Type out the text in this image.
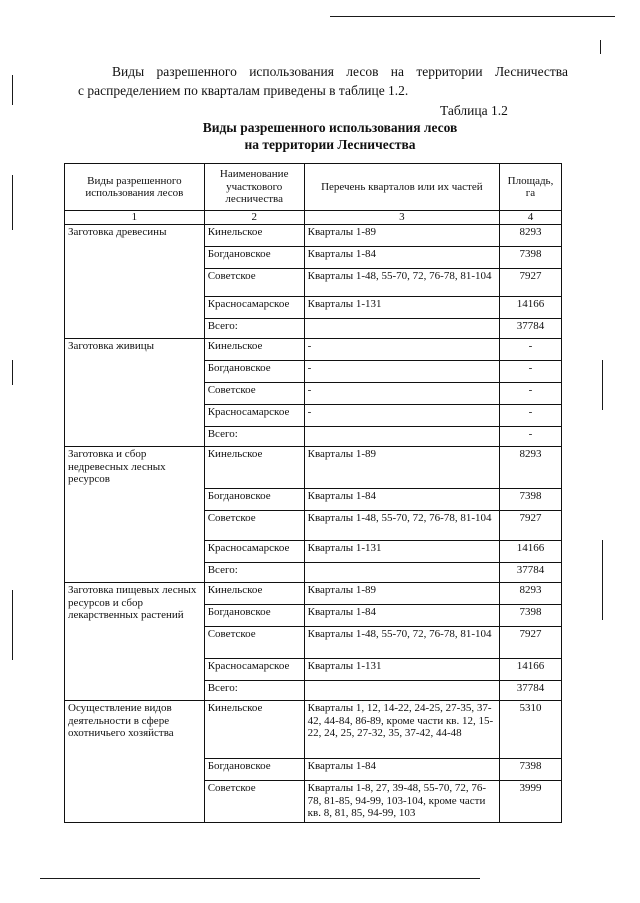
Виды разрешенного использования лесов на территории Лесничества
с распределением по кварталам приведены в таблице 1.2.

Таблица 1.2
Виды разрешенного использования лесов
на территории Лесничества
Виды разрешенного использования лесов	Наименование участкового лесничества	Перечень кварталов или их частей	Площадь, га
1	2	3	4
Заготовка древесины	Кинельское	Кварталы 1-89	8293
	Богдановское	Кварталы 1-84	7398
	Советское	Кварталы 1-48, 55-70, 72, 76-78, 81-104	7927
	Красносамарское	Кварталы 1-131	14166
	Всего:		37784
Заготовка живицы	Кинельское	-	-
	Богдановское	-	-
	Советское	-	-
	Красносамарское	-	-
	Всего:		-
Заготовка и сбор недревесных лесных ресурсов	Кинельское	Кварталы 1-89	8293
	Богдановское	Кварталы 1-84	7398
	Советское	Кварталы 1-48, 55-70, 72, 76-78, 81-104	7927
	Красносамарское	Кварталы 1-131	14166
	Всего:		37784
Заготовка пищевых лесных ресурсов и сбор лекарственных растений	Кинельское	Кварталы 1-89	8293
	Богдановское	Кварталы 1-84	7398
	Советское	Кварталы 1-48, 55-70, 72, 76-78, 81-104	7927
	Красносамарское	Кварталы 1-131	14166
	Всего:		37784
Осуществление видов деятельности в сфере охотничьего хозяйства	Кинельское	Кварталы 1, 12, 14-22, 24-25, 27-35, 37-42, 44-84, 86-89, кроме части кв. 12, 15-22, 24, 25, 27-32, 35, 37-42, 44-48	5310
	Богдановское	Кварталы 1-84	7398
	Советское	Кварталы 1-8, 27, 39-48, 55-70, 72, 76-78, 81-85, 94-99, 103-104, кроме части кв. 8, 81, 85, 94-99, 103	3999
